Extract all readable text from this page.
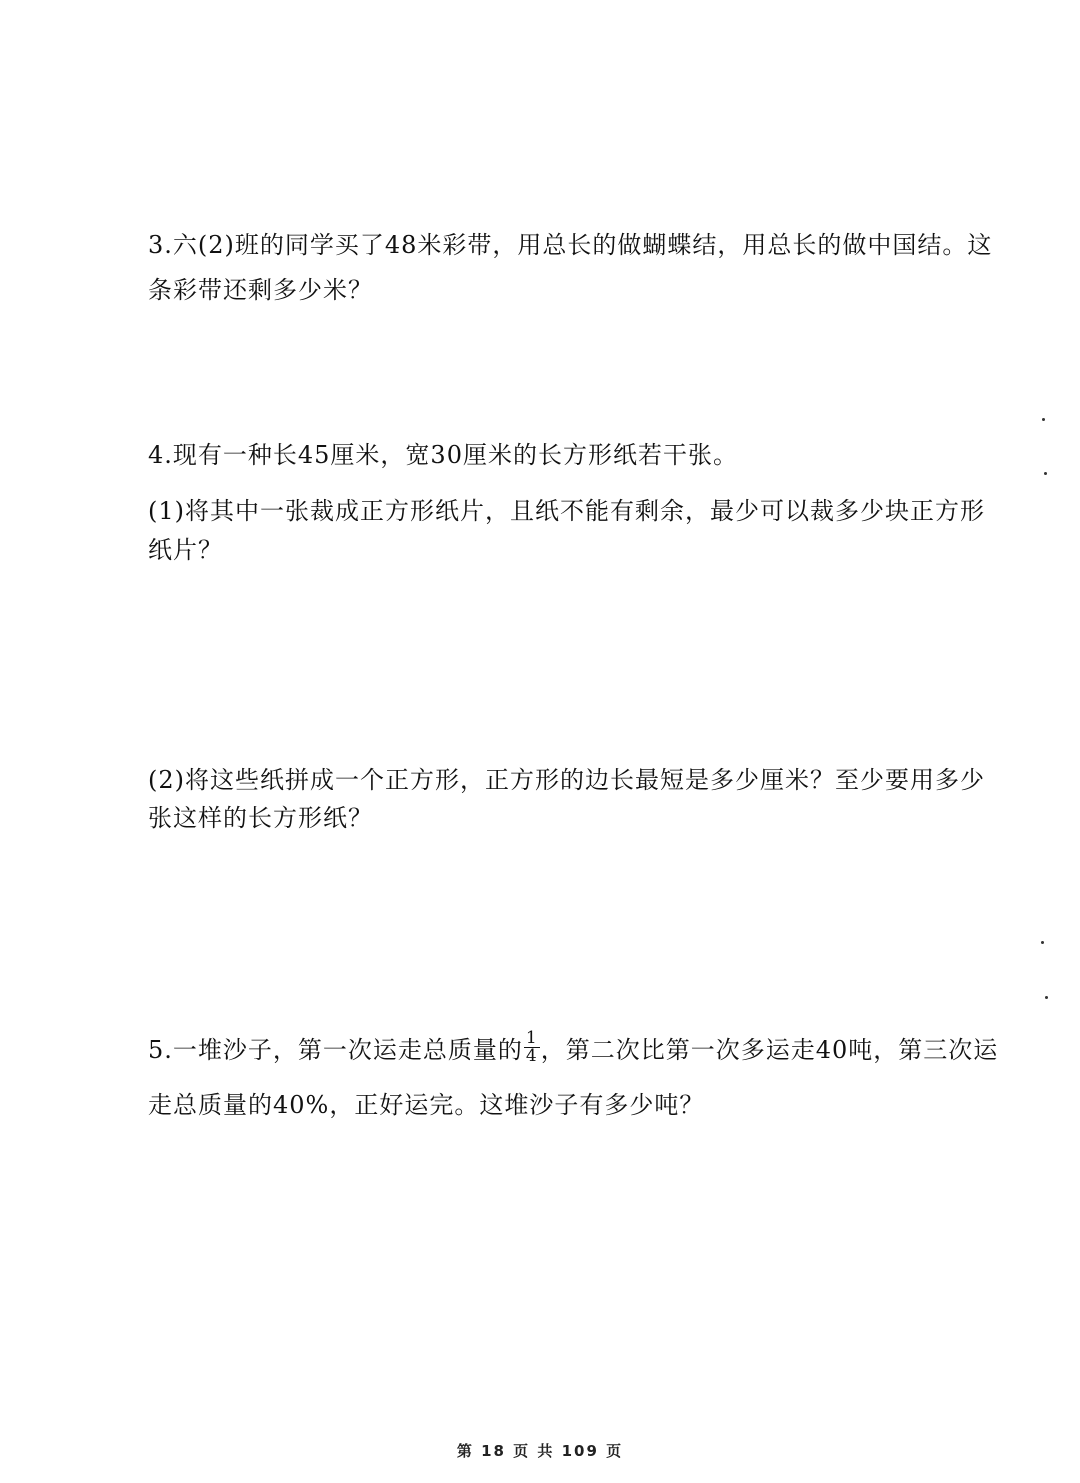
3.六(2)班的同学买了48米彩带，用总长的做蝴蝶结，用总长的做中国结。这
条彩带还剩多少米？
4.现有一种长45厘米，宽30厘米的长方形纸若干张。
(1)将其中一张裁成正方形纸片，且纸不能有剩余，最少可以裁多少块正方形
纸片？
(2)将这些纸拼成一个正方形，正方形的边长最短是多少厘米？至少要用多少
张这样的长方形纸？
5.一堆沙子，第一次运走总质量的 $\frac{1}{4}$ ，第二次比第一次多运走40吨，第三次运
走总质量的40%，正好运完。这堆沙子有多少吨？
第 18 页 共 109 页
